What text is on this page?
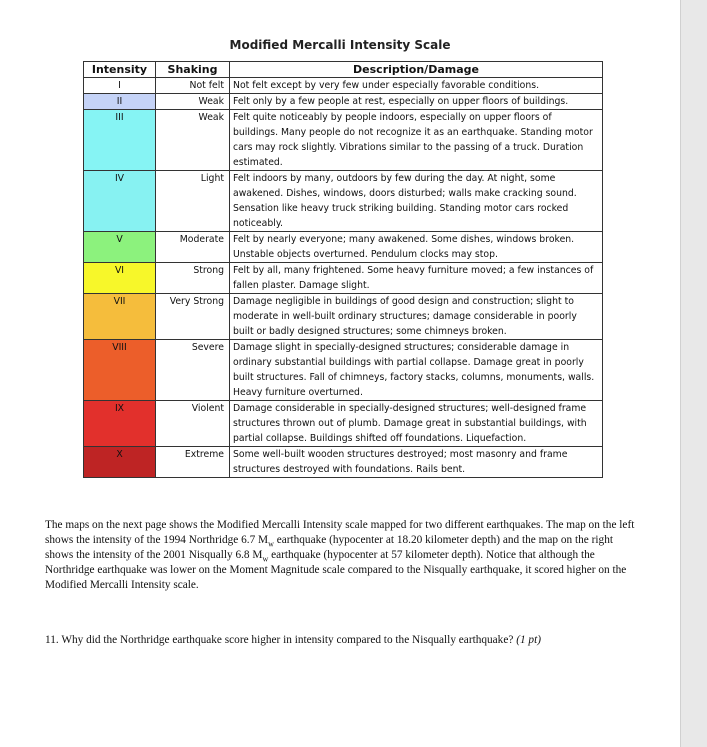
Modified Mercalli Intensity Scale
Intensity	Shaking	Description/Damage
I	Not felt	Not felt except by very few under especially favorable conditions.
II	Weak	Felt only by a few people at rest, especially on upper floors of buildings.
III	Weak	Felt quite noticeably by people indoors, especially on upper floors of buildings. Many people do not recognize it as an earthquake. Standing motor cars may rock slightly. Vibrations similar to the passing of a truck. Duration estimated.
IV	Light	Felt indoors by many, outdoors by few during the day. At night, some awakened. Dishes, windows, doors disturbed; walls make cracking sound. Sensation like heavy truck striking building. Standing motor cars rocked noticeably.
V	Moderate	Felt by nearly everyone; many awakened. Some dishes, windows broken. Unstable objects overturned. Pendulum clocks may stop.
VI	Strong	Felt by all, many frightened. Some heavy furniture moved; a few instances of fallen plaster. Damage slight.
VII	Very Strong	Damage negligible in buildings of good design and construction; slight to moderate in well-built ordinary structures; damage considerable in poorly built or badly designed structures; some chimneys broken.
VIII	Severe	Damage slight in specially-designed structures; considerable damage in ordinary substantial buildings with partial collapse. Damage great in poorly built structures. Fall of chimneys, factory stacks, columns, monuments, walls. Heavy furniture overturned.
IX	Violent	Damage considerable in specially-designed structures; well-designed frame structures thrown out of plumb. Damage great in substantial buildings, with partial collapse. Buildings shifted off foundations. Liquefaction.
X	Extreme	Some well-built wooden structures destroyed; most masonry and frame structures destroyed with foundations. Rails bent.

The maps on the next page shows the Modified Mercalli Intensity scale mapped for two different earthquakes. The map on the left shows the intensity of the 1994 Northridge 6.7 $M_w$ earthquake (hypocenter at 18.20 kilometer depth) and the map on the right shows the intensity of the 2001 Nisqually 6.8 $M_w$ earthquake (hypocenter at 57 kilometer depth). Notice that although the Northridge earthquake was lower on the Moment Magnitude scale compared to the Nisqually earthquake, it scored higher on the Modified Mercalli Intensity scale.

11. Why did the Northridge earthquake score higher in intensity compared to the Nisqually earthquake? (1 pt)
